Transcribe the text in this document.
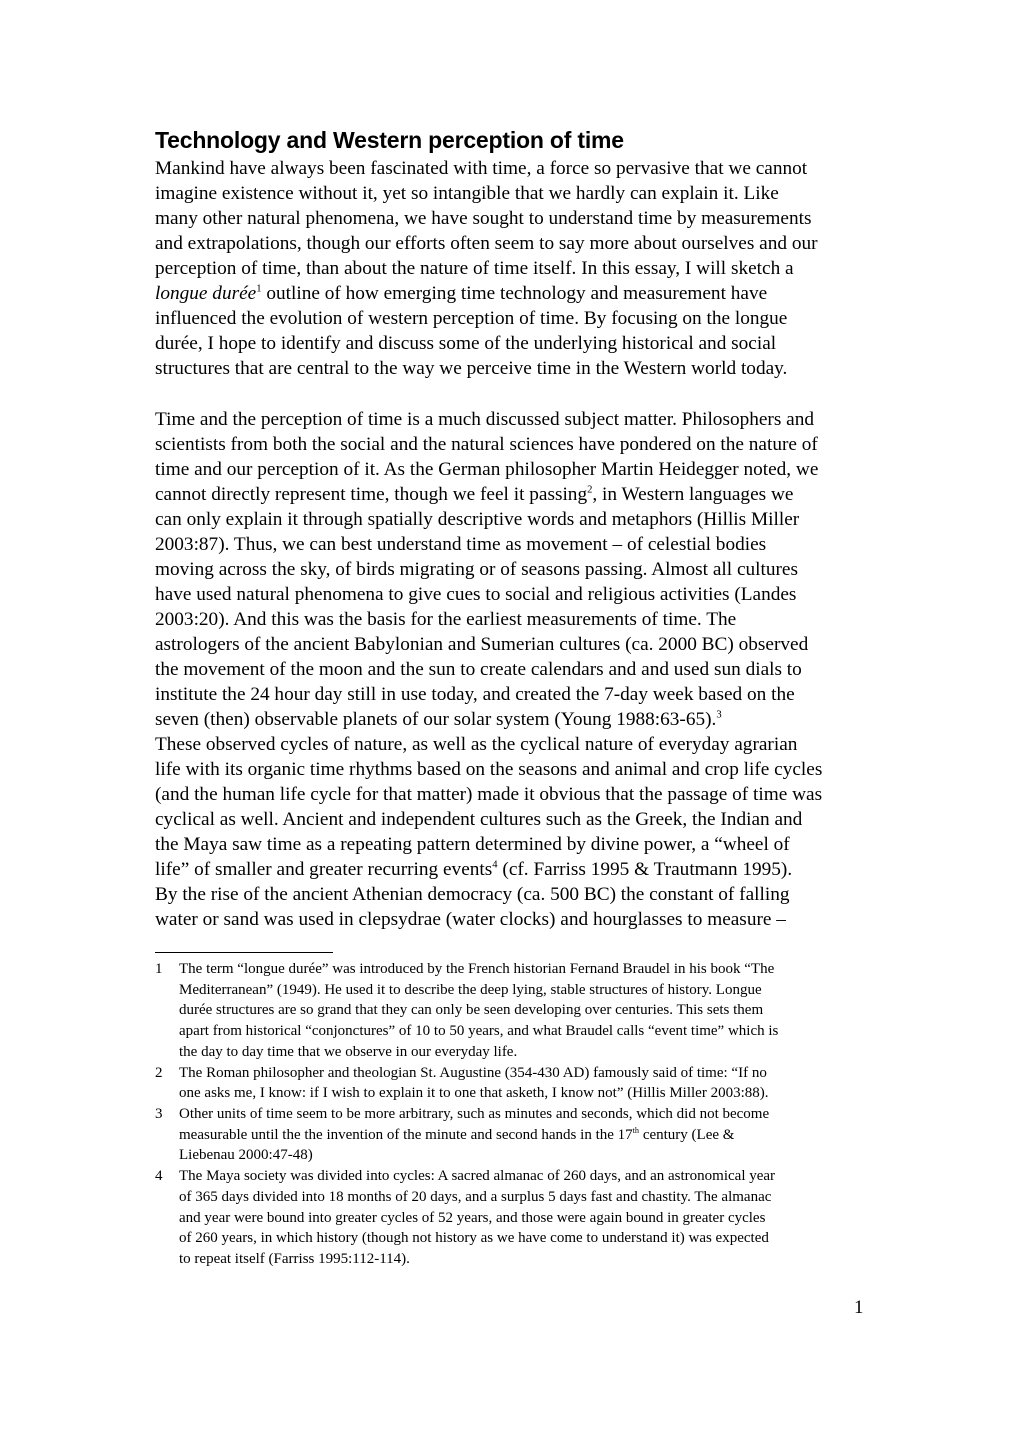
Technology and Western perception of time
Mankind have always been fascinated with time, a force so pervasive that we cannot
imagine existence without it, yet so intangible that we hardly can explain it. Like
many other natural phenomena, we have sought to understand time by measurements
and extrapolations, though our efforts often seem to say more about ourselves and our
perception of time, than about the nature of time itself. In this essay, I will sketch a
longue durée$^1$ outline of how emerging time technology and measurement have
influenced the evolution of western perception of time. By focusing on the longue
durée, I hope to identify and discuss some of the underlying historical and social
structures that are central to the way we perceive time in the Western world today.
Time and the perception of time is a much discussed subject matter. Philosophers and
scientists from both the social and the natural sciences have pondered on the nature of
time and our perception of it. As the German philosopher Martin Heidegger noted, we
cannot directly represent time, though we feel it passing$^2$, in Western languages we
can only explain it through spatially descriptive words and metaphors (Hillis Miller
2003:87). Thus, we can best understand time as movement – of celestial bodies
moving across the sky, of birds migrating or of seasons passing. Almost all cultures
have used natural phenomena to give cues to social and religious activities (Landes
2003:20). And this was the basis for the earliest measurements of time. The
astrologers of the ancient Babylonian and Sumerian cultures (ca. 2000 BC) observed
the movement of the moon and the sun to create calendars and and used sun dials to
institute the 24 hour day still in use today, and created the 7-day week based on the
seven (then) observable planets of our solar system (Young 1988:63-65).$^3$
These observed cycles of nature, as well as the cyclical nature of everyday agrarian
life with its organic time rhythms based on the seasons and animal and crop life cycles
(and the human life cycle for that matter) made it obvious that the passage of time was
cyclical as well. Ancient and independent cultures such as the Greek, the Indian and
the Maya saw time as a repeating pattern determined by divine power, a “wheel of
life” of smaller and greater recurring events$^4$ (cf. Farriss 1995 & Trautmann 1995).
By the rise of the ancient Athenian democracy (ca. 500 BC) the constant of falling
water or sand was used in clepsydrae (water clocks) and hourglasses to measure –
1 The term “longue durée” was introduced by the French historian Fernand Braudel in his book “The
Mediterranean” (1949). He used it to describe the deep lying, stable structures of history. Longue
durée structures are so grand that they can only be seen developing over centuries. This sets them
apart from historical “conjonctures” of 10 to 50 years, and what Braudel calls “event time” which is
the day to day time that we observe in our everyday life.
2 The Roman philosopher and theologian St. Augustine (354-430 AD) famously said of time: “If no
one asks me, I know: if I wish to explain it to one that asketh, I know not” (Hillis Miller 2003:88).
3 Other units of time seem to be more arbitrary, such as minutes and seconds, which did not become
measurable until the the invention of the minute and second hands in the 17th century (Lee &
Liebenau 2000:47-48)
4 The Maya society was divided into cycles: A sacred almanac of 260 days, and an astronomical year
of 365 days divided into 18 months of 20 days, and a surplus 5 days fast and chastity. The almanac
and year were bound into greater cycles of 52 years, and those were again bound in greater cycles
of 260 years, in which history (though not history as we have come to understand it) was expected
to repeat itself (Farriss 1995:112-114).
1
